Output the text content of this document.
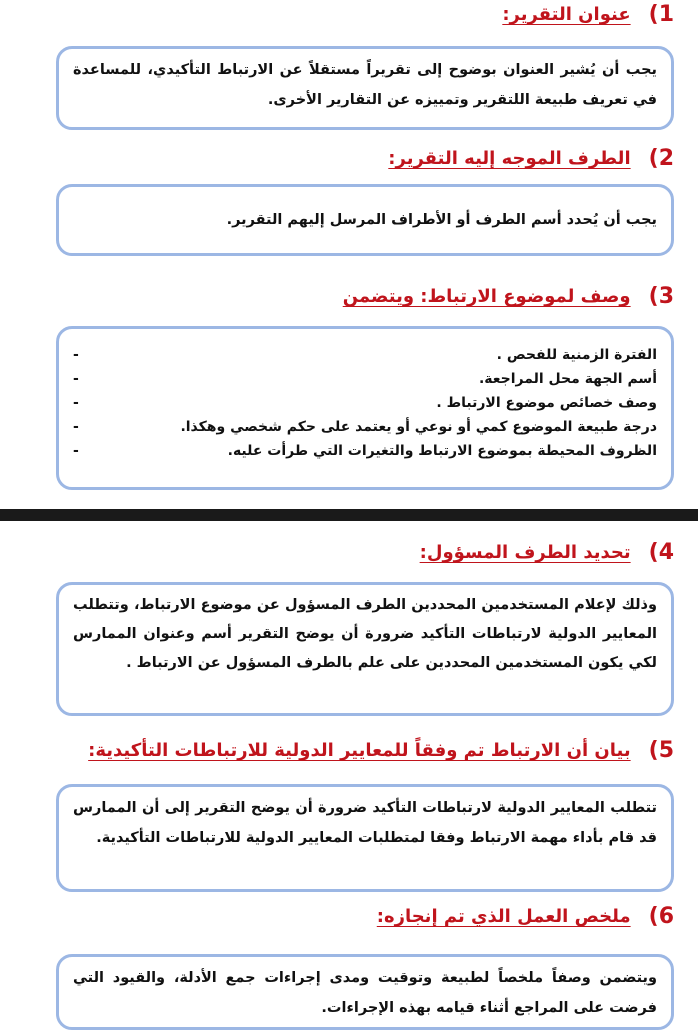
1)
عنوان التقرير:

يجب أن يُشير العنوان بوضوح إلى تقريراً مستقلاً عن الارتباط التأكيدي، للمساعدة في تعريف طبيعة اللتقرير وتمييزه عن التقارير الأخرى.

2)
الطرف الموجه إليه التقرير:

يجب أن يُحدد أسم الطرف أو الأطراف المرسل إليهم التقرير.

3)
وصف لموضوع الارتباط: ويتضمن
-	الفترة الزمنية للفحص .
-	أسم الجهة محل المراجعة.
-	وصف خصائص موضوع الارتباط .
-	درجة طبيعة الموضوع كمي أو نوعي أو يعتمد على حكم شخصي وهكذا.
-	الظروف المحيطة بموضوع الارتباط والتغيرات التي طرأت عليه.
4)
تحديد الطرف المسؤول:

وذلك لإعلام المستخدمين المحددين الطرف المسؤول عن موضوع الارتباط، وتتطلب المعايير الدولية لارتباطات التأكيد ضرورة أن يوضح التقرير أسم وعنوان الممارس لكي يكون المستخدمين المحددين على علم بالطرف المسؤول عن الارتباط .

5)
بيان أن الارتباط تم وفقاً للمعايير الدولية للارتباطات التأكيدية:

تتطلب المعايير الدولية لارتباطات التأكيد ضرورة أن يوضح التقرير إلى أن الممارس قد قام بأداء مهمة الارتباط وفقا لمتطلبات المعايير الدولية للارتباطات التأكيدية.

6)
ملخص العمل الذي تم إنجازه:

ويتضمن وصفاً ملخصاً لطبيعة وتوقيت ومدى إجراءات جمع الأدلة، والقيود التي فرضت على المراجع أثناء قيامه بهذه الإجراءات.
